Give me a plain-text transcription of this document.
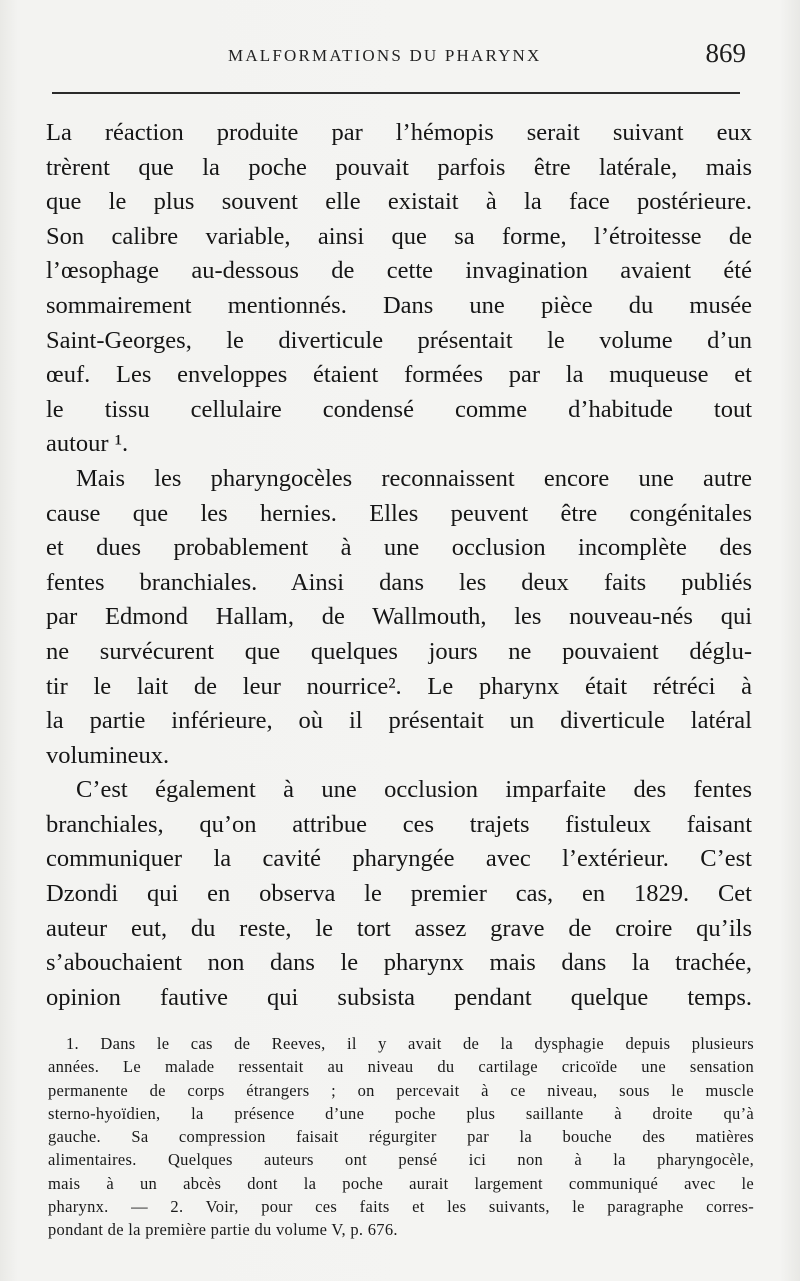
MALFORMATIONS DU PHARYNX	869
La réaction produite par l’hémopis serait suivant eux
trèrent que la poche pouvait parfois être latérale, mais
que le plus souvent elle existait à la face postérieure.
Son calibre variable, ainsi que sa forme, l’étroitesse de
l’œsophage au-dessous de cette invagination avaient été
sommairement mentionnés. Dans une pièce du musée
Saint-Georges, le diverticule présentait le volume d’un
œuf. Les enveloppes étaient formées par la muqueuse et
le tissu cellulaire condensé comme d’habitude tout
autour ¹.
Mais les pharyngocèles reconnaissent encore une autre
cause que les hernies. Elles peuvent être congénitales
et dues probablement à une occlusion incomplète des
fentes branchiales. Ainsi dans les deux faits publiés
par Edmond Hallam, de Wallmouth, les nouveau-nés qui
ne survécurent que quelques jours ne pouvaient déglu-
tir le lait de leur nourrice². Le pharynx était rétréci à
la partie inférieure, où il présentait un diverticule latéral
volumineux.
C’est également à une occlusion imparfaite des fentes
branchiales, qu’on attribue ces trajets fistuleux faisant
communiquer la cavité pharyngée avec l’extérieur. C’est
Dzondi qui en observa le premier cas, en 1829. Cet
auteur eut, du reste, le tort assez grave de croire qu’ils
s’abouchaient non dans le pharynx mais dans la trachée,
opinion fautive qui subsista pendant quelque temps.
1. Dans le cas de Reeves, il y avait de la dysphagie depuis plusieurs
années. Le malade ressentait au niveau du cartilage cricoïde une sensation
permanente de corps étrangers ; on percevait à ce niveau, sous le muscle
sterno-hyoïdien, la présence d’une poche plus saillante à droite qu’à
gauche. Sa compression faisait régurgiter par la bouche des matières
alimentaires. Quelques auteurs ont pensé ici non à la pharyngocèle,
mais à un abcès dont la poche aurait largement communiqué avec le
pharynx. — 2. Voir, pour ces faits et les suivants, le paragraphe corres-
pondant de la première partie du volume V, p. 676.
